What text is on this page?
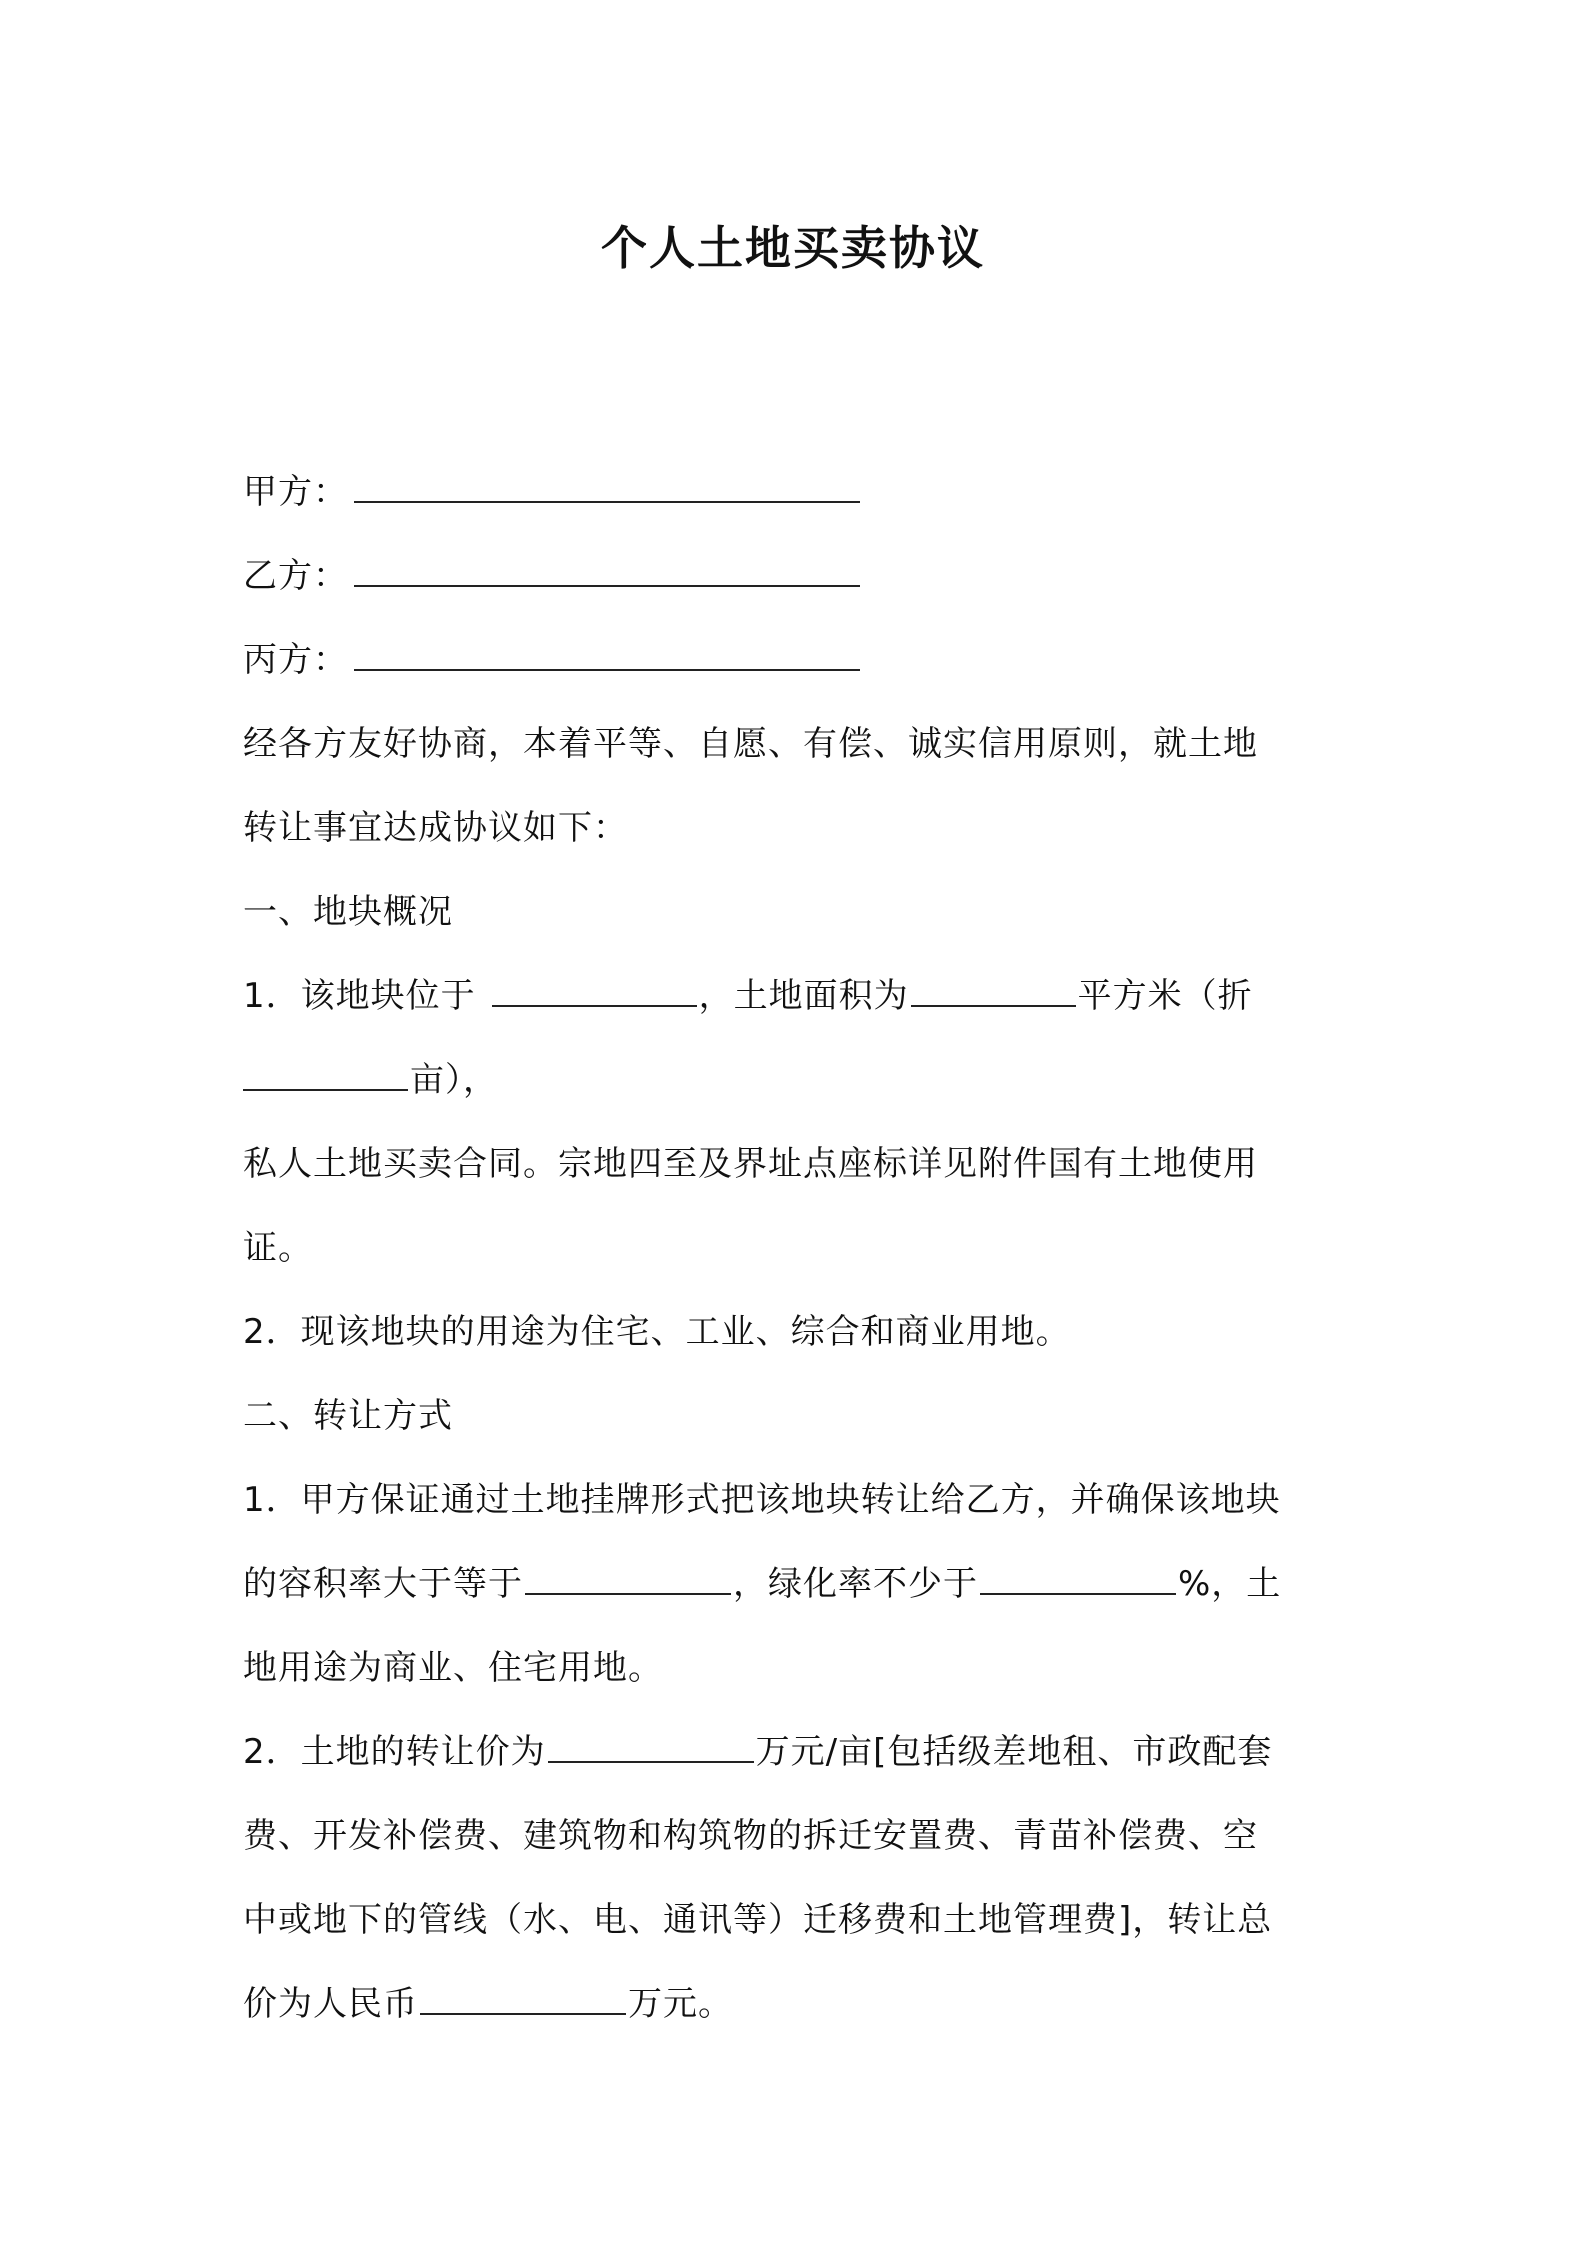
个人土地买卖协议
甲方：
乙方：
丙方：
经各方友好协商，本着平等、自愿、有偿、诚实信用原则，就土地
转让事宜达成协议如下：
一、地块概况
1．该地块位于	，土地面积为	平方米（折
亩），
私人土地买卖合同。宗地四至及界址点座标详见附件国有土地使用
证。
2．现该地块的用途为住宅、工业、综合和商业用地。
二、转让方式
1．甲方保证通过土地挂牌形式把该地块转让给乙方，并确保该地块
的容积率大于等于	，绿化率不少于	%，土
地用途为商业、住宅用地。
2．土地的转让价为	万元/亩[包括级差地租、市政配套
费、开发补偿费、建筑物和构筑物的拆迁安置费、青苗补偿费、空
中或地下的管线（水、电、通讯等）迁移费和土地管理费]，转让总
价为人民币	万元。
